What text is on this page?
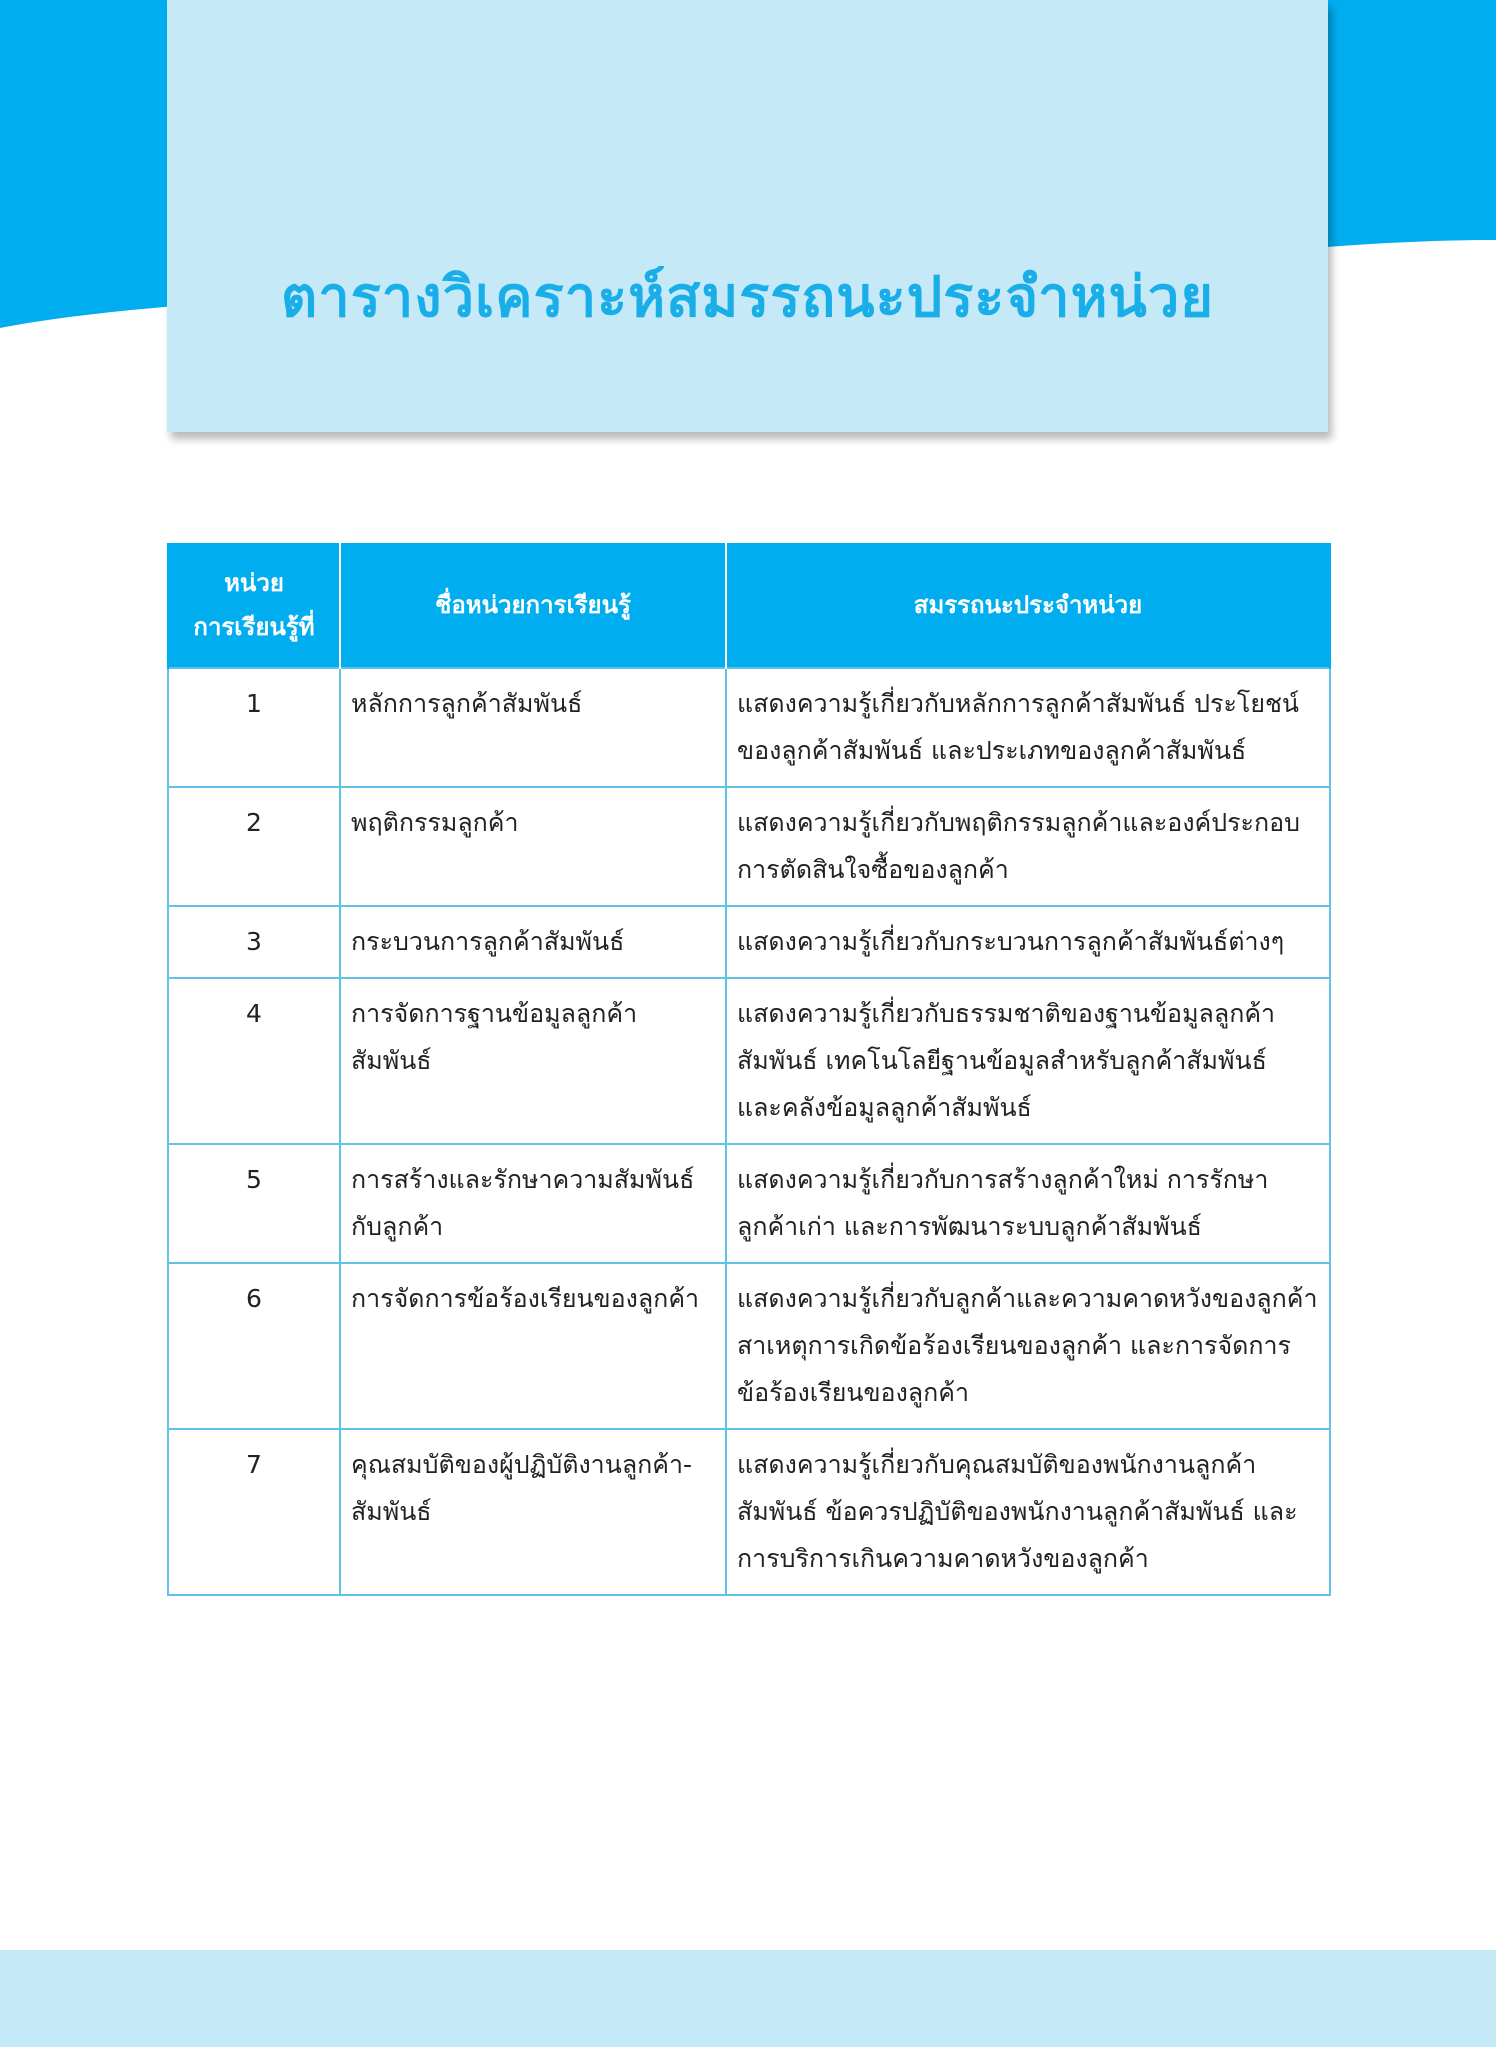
ตารางวิเคราะห์สมรรถนะประจำหน่วย
หน่วย
การเรียนรู้ที่	ชื่อหน่วยการเรียนรู้	สมรรถนะประจำหน่วย
1	หลักการลูกค้าสัมพันธ์	แสดงความรู้เกี่ยวกับหลักการลูกค้าสัมพันธ์ ประโยชน์ของลูกค้าสัมพันธ์ และประเภทของลูกค้าสัมพันธ์
2	พฤติกรรมลูกค้า	แสดงความรู้เกี่ยวกับพฤติกรรมลูกค้าและองค์ประกอบการตัดสินใจซื้อของลูกค้า
3	กระบวนการลูกค้าสัมพันธ์	แสดงความรู้เกี่ยวกับกระบวนการลูกค้าสัมพันธ์ต่างๆ
4	การจัดการฐานข้อมูลลูกค้าสัมพันธ์	แสดงความรู้เกี่ยวกับธรรมชาติของฐานข้อมูลลูกค้าสัมพันธ์ เทคโนโลยีฐานข้อมูลสำหรับลูกค้าสัมพันธ์ และคลังข้อมูลลูกค้าสัมพันธ์
5	การสร้างและรักษาความสัมพันธ์กับลูกค้า	แสดงความรู้เกี่ยวกับการสร้างลูกค้าใหม่ การรักษาลูกค้าเก่า และการพัฒนาระบบลูกค้าสัมพันธ์
6	การจัดการข้อร้องเรียนของลูกค้า	แสดงความรู้เกี่ยวกับลูกค้าและความคาดหวังของลูกค้า สาเหตุการเกิดข้อร้องเรียนของลูกค้า และการจัดการข้อร้องเรียนของลูกค้า
7	คุณสมบัติของผู้ปฏิบัติงานลูกค้า-สัมพันธ์	แสดงความรู้เกี่ยวกับคุณสมบัติของพนักงานลูกค้าสัมพันธ์ ข้อควรปฏิบัติของพนักงานลูกค้าสัมพันธ์ และการบริการเกินความคาดหวังของลูกค้า
